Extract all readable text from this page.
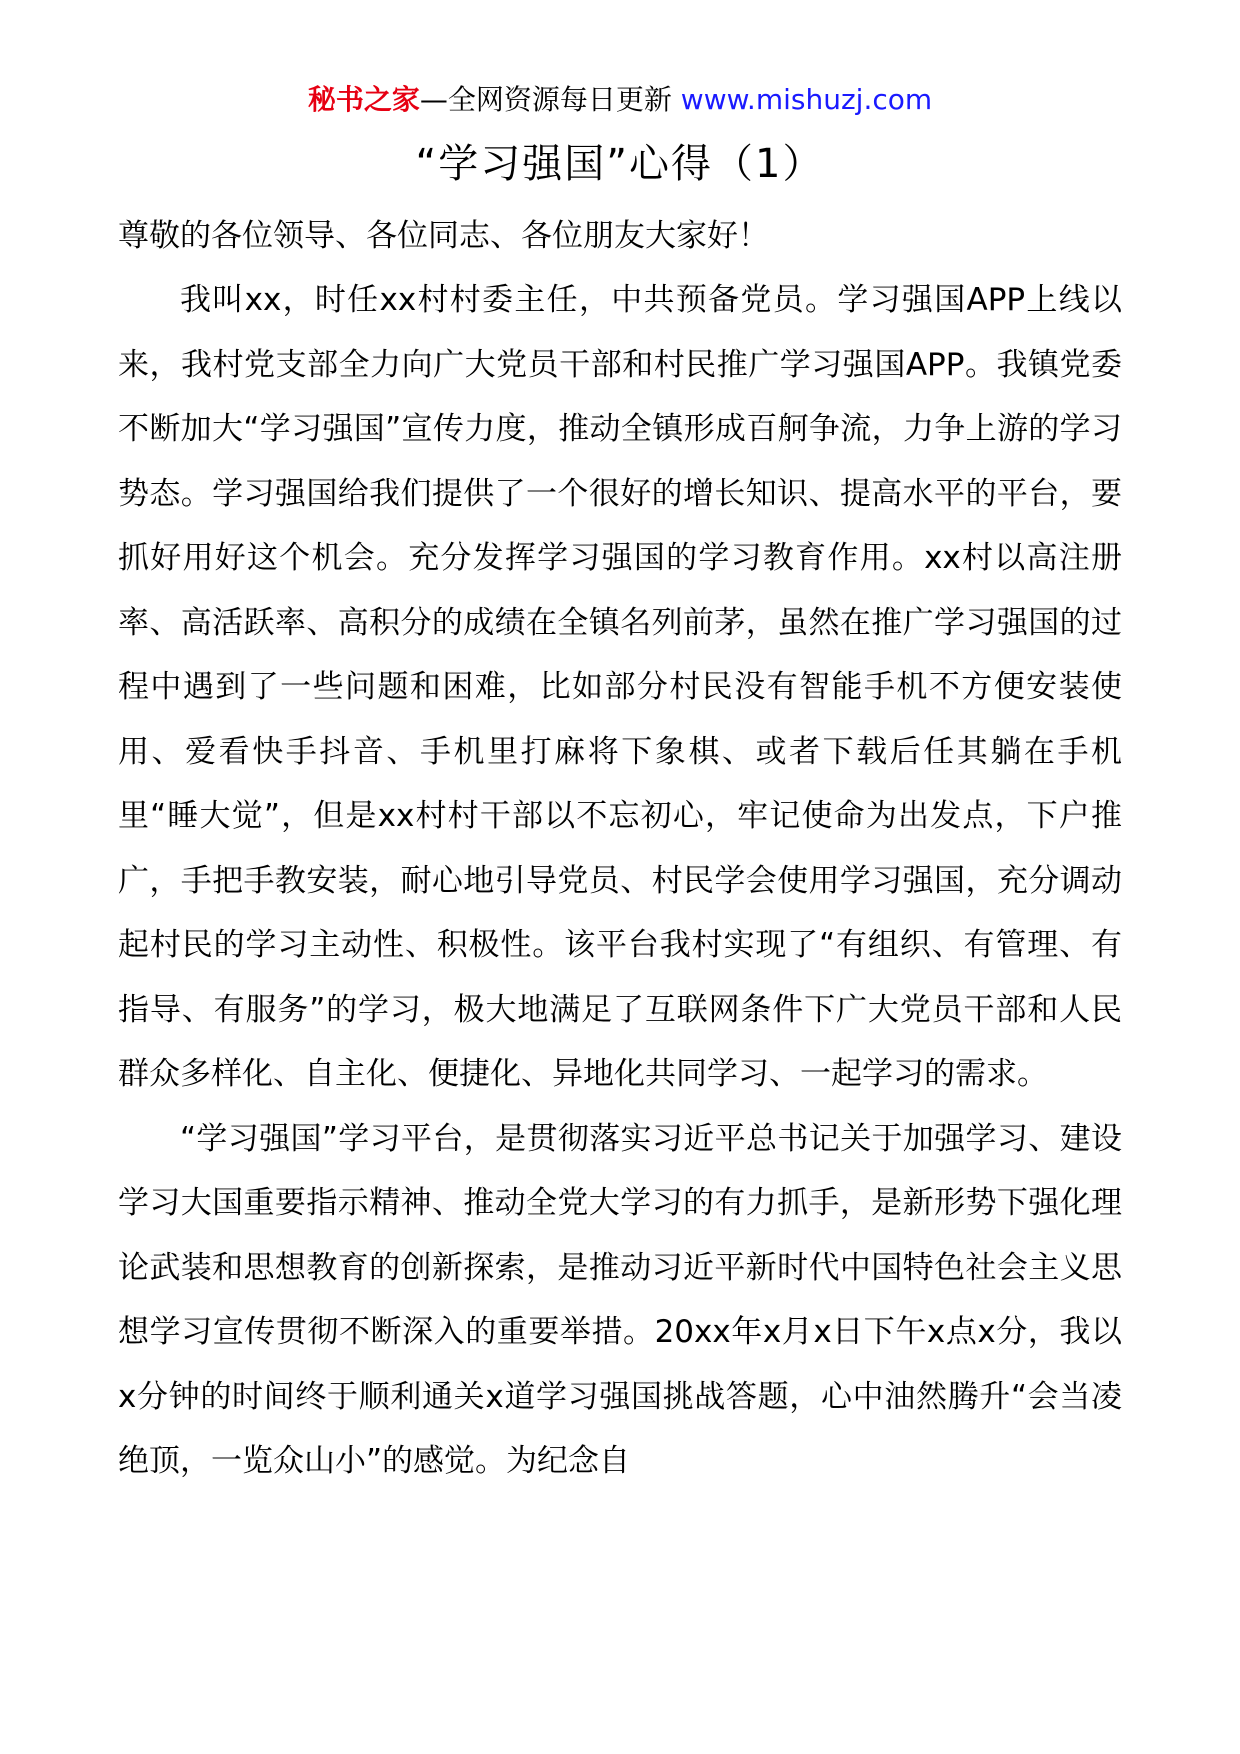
秘书之家—全网资源每日更新 www.mishuzj.com
“学习强国”心得（1）

尊敬的各位领导、各位同志、各位朋友大家好！

我叫xx，时任xx村村委主任，中共预备党员。学习强国APP上线以来，我村党支部全力向广大党员干部和村民推广学习强国APP。我镇党委不断加大“学习强国”宣传力度，推动全镇形成百舸争流，力争上游的学习势态。学习强国给我们提供了一个很好的增长知识、提高水平的平台，要抓好用好这个机会。充分发挥学习强国的学习教育作用。xx村以高注册率、高活跃率、高积分的成绩在全镇名列前茅，虽然在推广学习强国的过程中遇到了一些问题和困难，比如部分村民没有智能手机不方便安装使用、爱看快手抖音、手机里打麻将下象棋、或者下载后任其躺在手机里“睡大觉”，但是xx村村干部以不忘初心，牢记使命为出发点，下户推广，手把手教安装，耐心地引导党员、村民学会使用学习强国，充分调动起村民的学习主动性、积极性。该平台我村实现了“有组织、有管理、有指导、有服务”的学习，极大地满足了互联网条件下广大党员干部和人民群众多样化、自主化、便捷化、异地化共同学习、一起学习的需求。

“学习强国”学习平台，是贯彻落实习近平总书记关于加强学习、建设学习大国重要指示精神、推动全党大学习的有力抓手，是新形势下强化理论武装和思想教育的创新探索，是推动习近平新时代中国特色社会主义思想学习宣传贯彻不断深入的重要举措。20xx年x月x日下午x点x分，我以x分钟的时间终于顺利通关x道学习强国挑战答题，心中油然腾升“会当凌绝顶，一览众山小”的感觉。为纪念自
